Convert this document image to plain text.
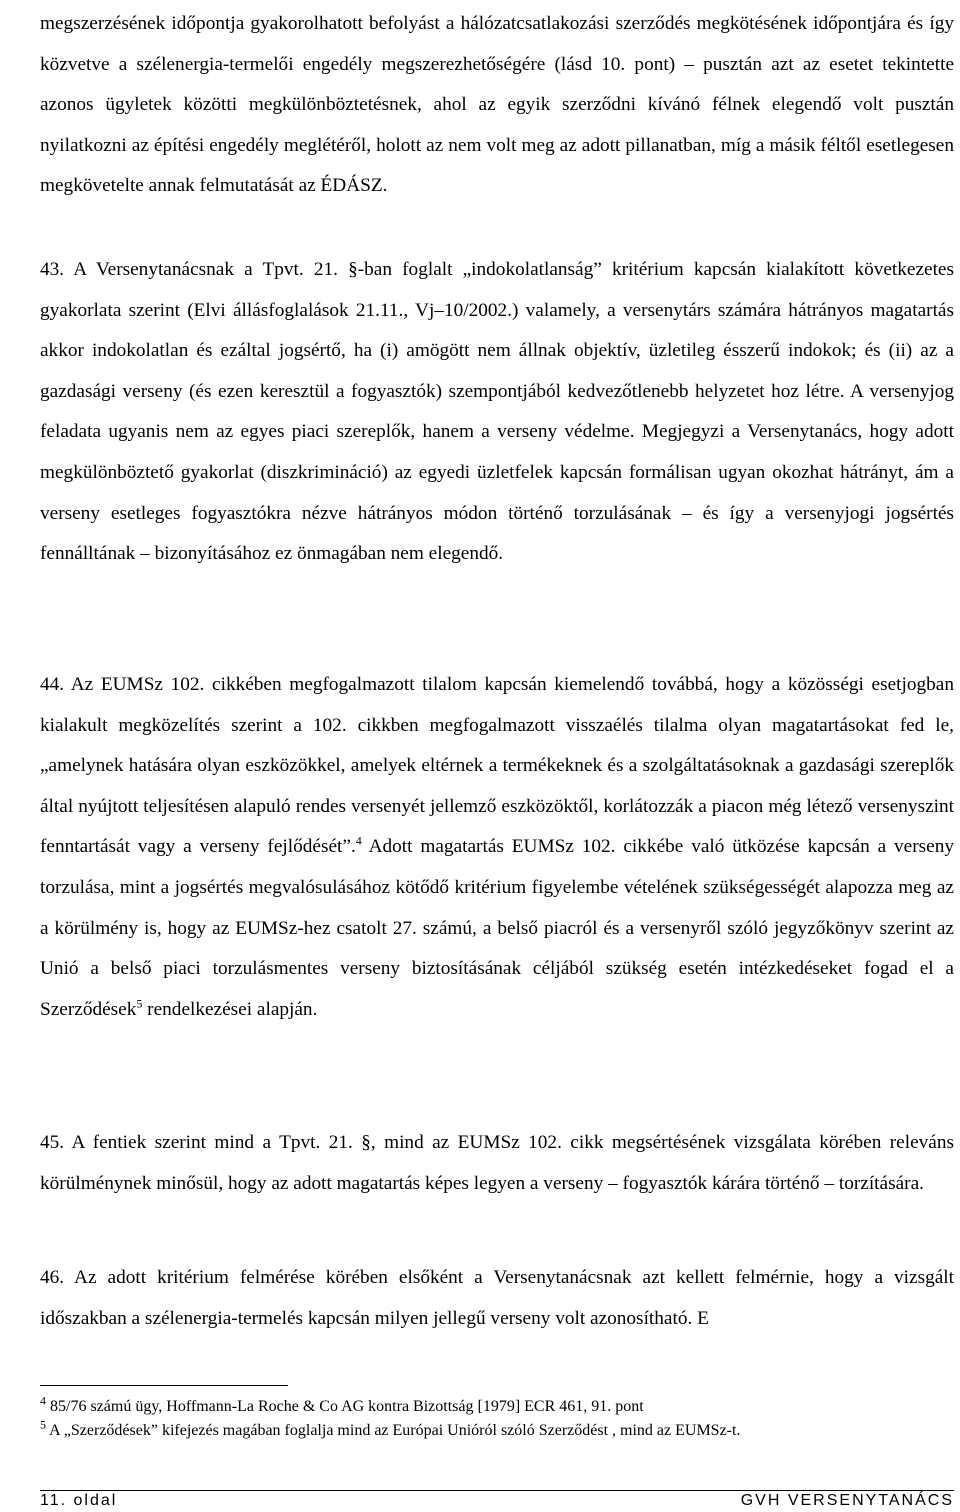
megszerzésének időpontja gyakorolhatott befolyást a hálózatcsatlakozási szerződés megkötésének időpontjára és így közvetve a szélenergia-termelői engedély megszerezhetőségére (lásd 10. pont) – pusztán azt az esetet tekintette azonos ügyletek közötti megkülönböztetésnek, ahol az egyik szerződni kívánó félnek elegendő volt pusztán nyilatkozni az építési engedély meglétéről, holott az nem volt meg az adott pillanatban, míg a másik féltől esetlegesen megkövetelte annak felmutatását az ÉDÁSZ.

43. A Versenytanácsnak a Tpvt. 21. §-ban foglalt „indokolatlanság” kritérium kapcsán kialakított következetes gyakorlata szerint (Elvi állásfoglalások 21.11., Vj–10/2002.) valamely, a versenytárs számára hátrányos magatartás akkor indokolatlan és ezáltal jogsértő, ha (i) amögött nem állnak objektív, üzletileg ésszerű indokok; és (ii) az a gazdasági verseny (és ezen keresztül a fogyasztók) szempontjából kedvezőtlenebb helyzetet hoz létre. A versenyjog feladata ugyanis nem az egyes piaci szereplők, hanem a verseny védelme. Megjegyzi a Versenytanács, hogy adott megkülönböztető gyakorlat (diszkrimináció) az egyedi üzletfelek kapcsán formálisan ugyan okozhat hátrányt, ám a verseny esetleges fogyasztókra nézve hátrányos módon történő torzulásának – és így a versenyjogi jogsértés fennálltának – bizonyításához ez önmagában nem elegendő.

44. Az EUMSz 102. cikkében megfogalmazott tilalom kapcsán kiemelendő továbbá, hogy a közösségi esetjogban kialakult megközelítés szerint a 102. cikkben megfogalmazott visszaélés tilalma olyan magatartásokat fed le, „amelynek hatására olyan eszközökkel, amelyek eltérnek a termékeknek és a szolgáltatásoknak a gazdasági szereplők által nyújtott teljesítésen alapuló rendes versenyét jellemző eszközöktől, korlátozzák a piacon még létező versenyszint fenntartását vagy a verseny fejlődését”.$^4$ Adott magatartás EUMSz 102. cikkébe való ütközése kapcsán a verseny torzulása, mint a jogsértés megvalósulásához kötődő kritérium figyelembe vételének szükségességét alapozza meg az a körülmény is, hogy az EUMSz-hez csatolt 27. számú, a belső piacról és a versenyről szóló jegyzőkönyv szerint az Unió a belső piaci torzulásmentes verseny biztosításának céljából szükség esetén intézkedéseket fogad el a Szerződések$^5$ rendelkezései alapján.

45. A fentiek szerint mind a Tpvt. 21. §, mind az EUMSz 102. cikk megsértésének vizsgálata körében releváns körülménynek minősül, hogy az adott magatartás képes legyen a verseny – fogyasztók kárára történő – torzítására.

46. Az adott kritérium felmérése körében elsőként a Versenytanácsnak azt kellett felmérnie, hogy a vizsgált időszakban a szélenergia-termelés kapcsán milyen jellegű verseny volt azonosítható. E

$^4$ 85/76 számú ügy, Hoffmann-La Roche & Co AG kontra Bizottság [1979] ECR 461, 91. pont

$^5$ A „Szerződések” kifejezés magában foglalja mind az Európai Unióról szóló Szerződést , mind az EUMSz-t.

11. oldal	GVH VERSENYTANÁCS
